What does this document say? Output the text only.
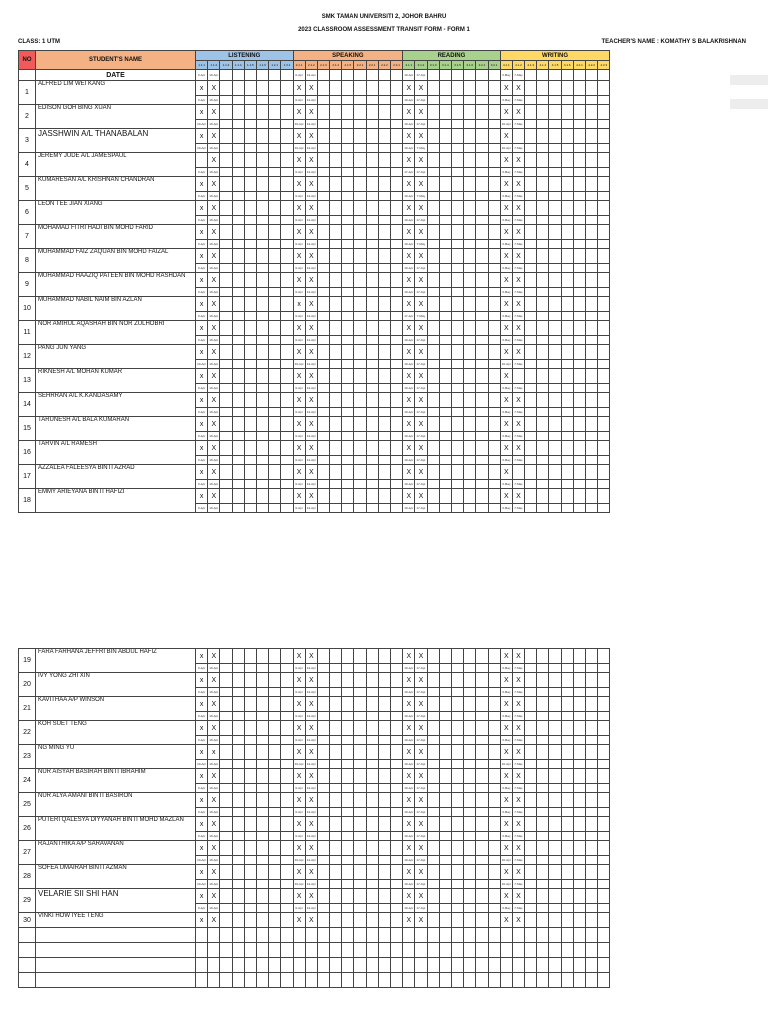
SMK TAMAN UNIVERSITI 2, JOHOR BAHRU
2023 CLASSROOM ASSESSMENT TRANSIT FORM - FORM 1
CLASS: 1 UTM	TEACHER'S NAME : KOMATHY S BALAKRISHNAN
NO	STUDENT'S NAME	LISTENING								SPEAKING									READING								WRITING								
		1.1.1	1.1.2	1.1.3	1.1.4	1.1.5	1.1.6	1.2.1	1.3.1	2.1.1	2.1.2	2.1.3	2.1.4	2.1.5	2.2.1	2.2.1	2.2.2	2.3.1	3.1.1	3.1.2	3.1.3	3.1.4	3.1.5	3.1.6	3.2.1	3.2.1	4.1.1	4.1.2	4.1.3	4.1.4	4.1.5	4.1.6	4.2.1	4.2.2	4.2.3
	DATE	3-Apr	10-Apr							6-Apr	13-Apr								10-Apr	17-Apr							3-May	7-May							
1	ALFRED LIM WEI KANG	x	X							X	X								X	X							X	X							
		3-Apr	10-Apr							6-Apr	13-Apr								10-Apr	17-Apr							3-May	7-May							
2	EDISON GOH BING XUAN	x	X							X	X								X	X							X	X							
		10-Apr	10-Apr							10-Apr	13-Apr								10-Apr	17-Apr							10-Apr	7-May							
3	JASSHWIN A/L THANABALAN	x	X							X	X								X	X							X								
		10-Apr	10-Apr							10-Apr	13-Apr								10-Apr	7-May							10-Apr	7-May							
4	JEREMY JUDE A/L JAMESPAUL		X							X	X								X	X							X	X							
		3-Apr	10-Apr							6-Apr	13-Apr								17-Apr	17-Apr							3-May	7-May							
5	KUMARESAN A/L KRISHNAN CHANDRAN	x	X							X	X								X	X							X	X							
		3-Apr	10-Apr							6-Apr	13-Apr								10-Apr	7-May							3-May	7-May							
6	LEON TEE JIAN XIANG	x	X							X	X								X	X							X	X							
		3-Apr	10-Apr							6-Apr	13-Apr								10-Apr	17-Apr							3-May	7-May							
7	MOHAMAD FITRI HADI BIN MOHD FARID	x	X							X	X								X	X							X	X							
		3-Apr	10-Apr							6-Apr	13-Apr								10-Apr	7-May							3-May	7-May							
8	MUHAMMAD FAIZ ZAQUAN BIN MOHD FAIZAL	x	X							X	X								X	X							X	X							
		3-Apr	10-Apr							6-Apr	13-Apr								10-Apr	17-Apr							3-May	7-May							
9	MUHAMMAD HAAZIQ PATEEN BIN MOHD RASHDAN	x	X							X	X								X	X							X	X							
		3-Apr	10-Apr							6-Apr	13-Apr								10-Apr	17-Apr							3-May	7-May							
10	MUHAMMAD NABIL NAIM BIN AZLAN	x	X							x	X								X	X							X	X							
		3-Apr	10-Apr							6-Apr	13-Apr								17-Apr	7-May							3-May	7-May							
11	NOR AMIRUL AQASHAH BIN NOR ZULHOBRI	x	X							X	X								X	X							X	X							
		3-Apr	10-Apr							6-Apr	13-Apr								10-Apr	17-Apr							3-May	7-May							
12	PANG JUN YANG	x	X							X	X								X	X							X	X							
		10-Apr	10-Apr							10-Apr	13-Apr								10-Apr	17-Apr							10-Apr	7-May							
13	RIKNESH A/L MOHAN KUMAR	x	X							X	X								X	X							X								
		3-Apr	10-Apr							6-Apr	13-Apr								10-Apr	17-Apr							3-May	7-May							
14	SEHRRAN A/L K.KANDASAMY	x	X							X	X								X	X							X	X							
		3-Apr	10-Apr							6-Apr	13-Apr								10-Apr	17-Apr							3-May	7-May							
15	TARUNESH A/L BALA KUMARAN	x	X							X	X								X	X							X	X							
		3-Apr	10-Apr							6-Apr	13-Apr								10-Apr	17-Apr							3-May	7-May							
16	TARVIN A/L RAMESH	x	X							X	X								X	X							X	X							
		3-Apr	10-Apr							6-Apr	13-Apr								10-Apr	17-Apr							3-May	7-May							
17	AZZALEA FALEESYA BINTI AZRAD	x	X							X	X								X	X							X								
		3-Apr	10-Apr							6-Apr	13-Apr								10-Apr	17-Apr							3-May	7-May							
18	EMMY ARIEYANA BINTI HAFIZI	x	X							X	X								X	X							X	X							
		3-Apr	10-Apr							6-Apr	13-Apr								10-Apr	17-Apr							3-May	7-May							
19	FARA FARHANA JEFFRI BIN ABDUL HAFIZ	x	X							X	X								X	X							X	X							
		3-Apr	10-Apr							6-Apr	13-Apr								10-Apr	17-Apr							3-May	7-May							
20	IVY YONG ZHI XIN	x	X							X	X								X	X							X	X							
		3-Apr	10-Apr							6-Apr	13-Apr								10-Apr	17-Apr							3-May	7-May							
21	KAVITHAA A/P WINSON	x	X							X	X								X	X							X	X							
		3-Apr	10-Apr							6-Apr	13-Apr								10-Apr	17-Apr							3-May	7-May							
22	KOH SUET TENG	x	X							X	X								X	X							X	X							
		3-Apr	10-Apr							6-Apr	13-Apr								10-Apr	17-Apr							3-May	7-May							
23	NG MING YU	x	x							X	X								X	X							X	X							
		10-Apr	10-Apr							10-Apr	13-Apr								10-Apr	17-Apr							10-Apr	7-May							
24	NUR AISYAH BASIRAH BINTI IBRAHIM	x	X							X	X								X	X							X	X							
		3-Apr	10-Apr							6-Apr	13-Apr								10-Apr	17-Apr							3-May	7-May							
25	NUR ALYA AMANI BINTI BASIRON	x	X							X	X								X	X							X	X							
		3-Apr	10-Apr							6-Apr	13-Apr								10-Apr	17-Apr							3-May	7-May							
26	PUTERI QALESYA DIYYANAH BINTI MOHD MAZLAN	x	X							X	X								X	X							X	X							
		3-Apr	10-Apr							6-Apr	13-Apr								10-Apr	17-Apr							3-May	7-May							
27	RAJANTHIKA A/P SARAVANAN	x	X							X	X								X	X							X	X							
		10-Apr	10-Apr							10-Apr	13-Apr								10-Apr	17-Apr							10-Apr	7-May							
28	SOFEA UMAIRAH BINTI AZMAN	x	X							X	X								X	X							X	X							
		10-Apr	10-Apr							10-Apr	13-Apr								10-Apr	17-Apr							10-Apr	7-May							
29	VELARIE SII SHI HAN	x	X							X	X								X	X							X	X							
		3-Apr	10-Apr							6-Apr	13-Apr								10-Apr	17-Apr							3-May	7-May							
30	VINKI HOW IYEE TENG	x	X							X	X								X	X							X	X							
